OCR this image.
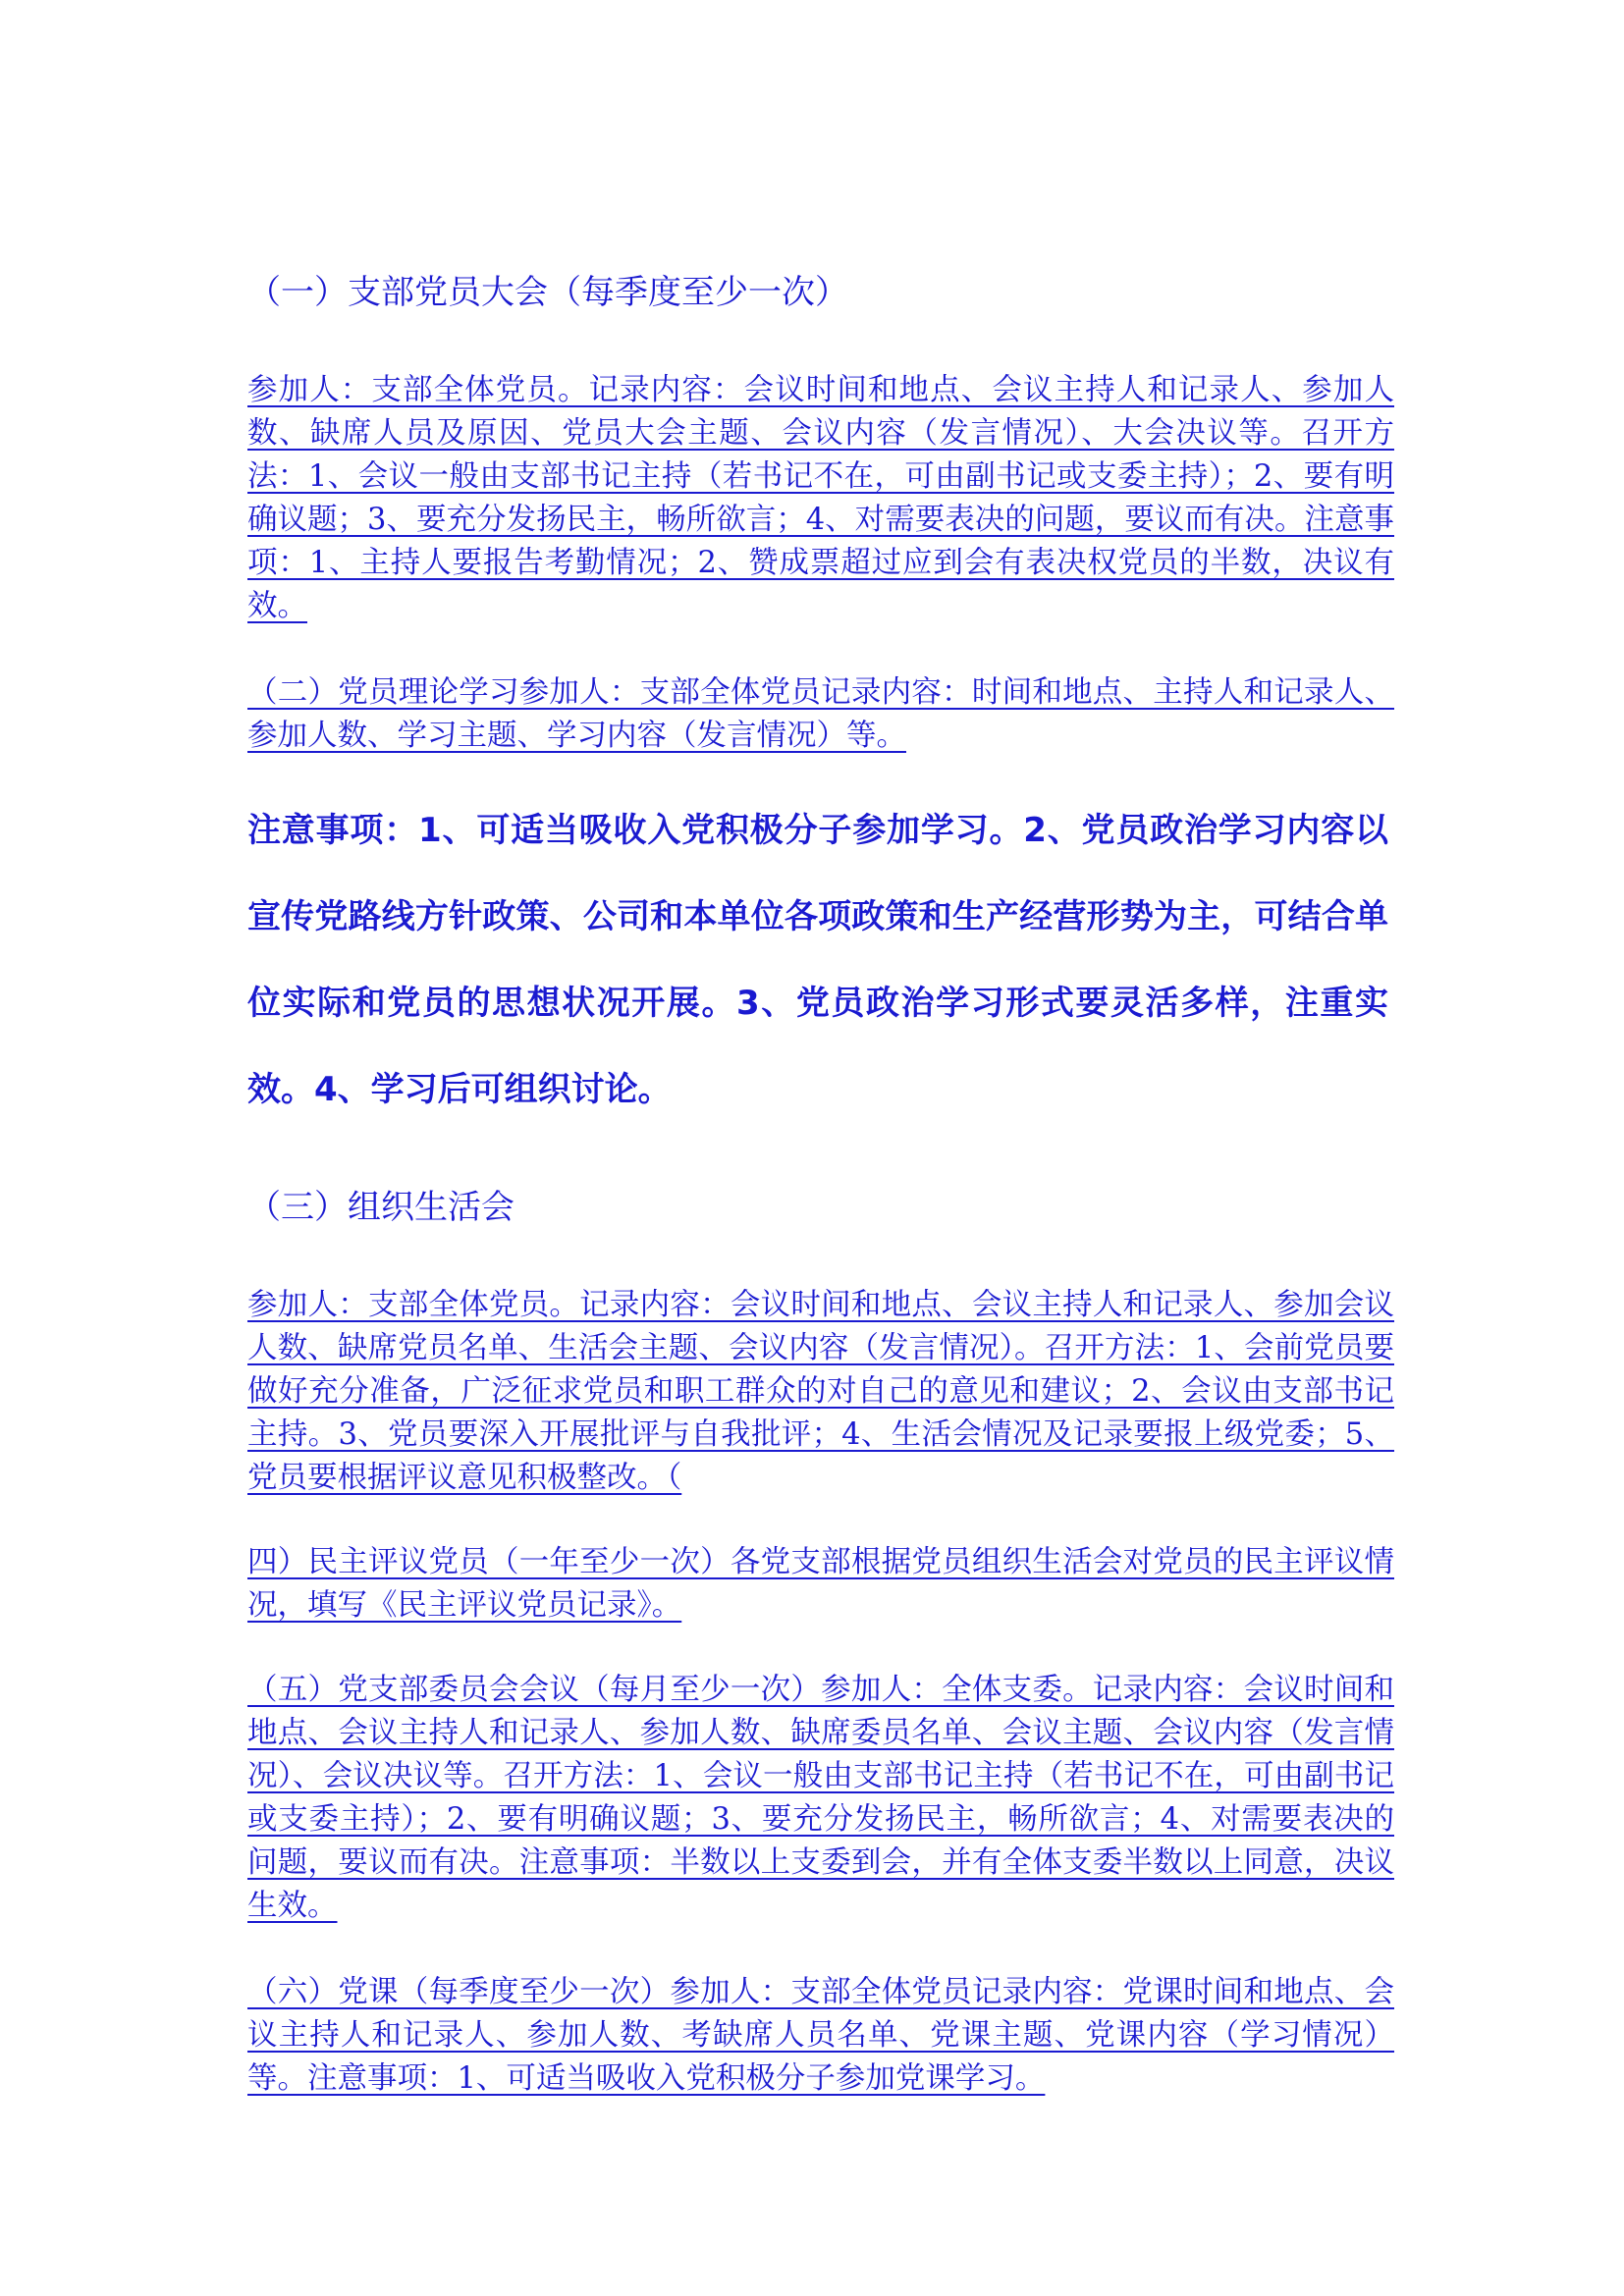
（一）支部党员大会（每季度至少一次）

参加人：支部全体党员。记录内容：会议时间和地点、会议主持人和记录人、参加人数、缺席人员及原因、党员大会主题、会议内容（发言情况）、大会决议等。召开方法：1、会议一般由支部书记主持（若书记不在，可由副书记或支委主持）；2、要有明确议题；3、要充分发扬民主，畅所欲言；4、对需要表决的问题，要议而有决。注意事项：1、主持人要报告考勤情况；2、赞成票超过应到会有表决权党员的半数，决议有效。

（二）党员理论学习参加人：支部全体党员记录内容：时间和地点、主持人和记录人、参加人数、学习主题、学习内容（发言情况）等。

注意事项：1、可适当吸收入党积极分子参加学习。2、党员政治学习内容以宣传党路线方针政策、公司和本单位各项政策和生产经营形势为主，可结合单位实际和党员的思想状况开展。3、党员政治学习形式要灵活多样，注重实效。4、学习后可组织讨论。

（三）组织生活会

参加人：支部全体党员。记录内容：会议时间和地点、会议主持人和记录人、参加会议人数、缺席党员名单、生活会主题、会议内容（发言情况）。召开方法：1、会前党员要做好充分准备，广泛征求党员和职工群众的对自己的意见和建议；2、会议由支部书记主持。3、党员要深入开展批评与自我批评；4、生活会情况及记录要报上级党委；5、党员要根据评议意见积极整改。（

四）民主评议党员（一年至少一次）各党支部根据党员组织生活会对党员的民主评议情况，填写《民主评议党员记录》。

（五）党支部委员会会议（每月至少一次）参加人：全体支委。记录内容：会议时间和地点、会议主持人和记录人、参加人数、缺席委员名单、会议主题、会议内容（发言情况）、会议决议等。召开方法：1、会议一般由支部书记主持（若书记不在，可由副书记或支委主持）；2、要有明确议题；3、要充分发扬民主，畅所欲言；4、对需要表决的问题，要议而有决。注意事项：半数以上支委到会，并有全体支委半数以上同意，决议生效。

（六）党课（每季度至少一次）参加人：支部全体党员记录内容：党课时间和地点、会议主持人和记录人、参加人数、考缺席人员名单、党课主题、党课内容（学习情况）等。注意事项：1、可适当吸收入党积极分子参加党课学习。
